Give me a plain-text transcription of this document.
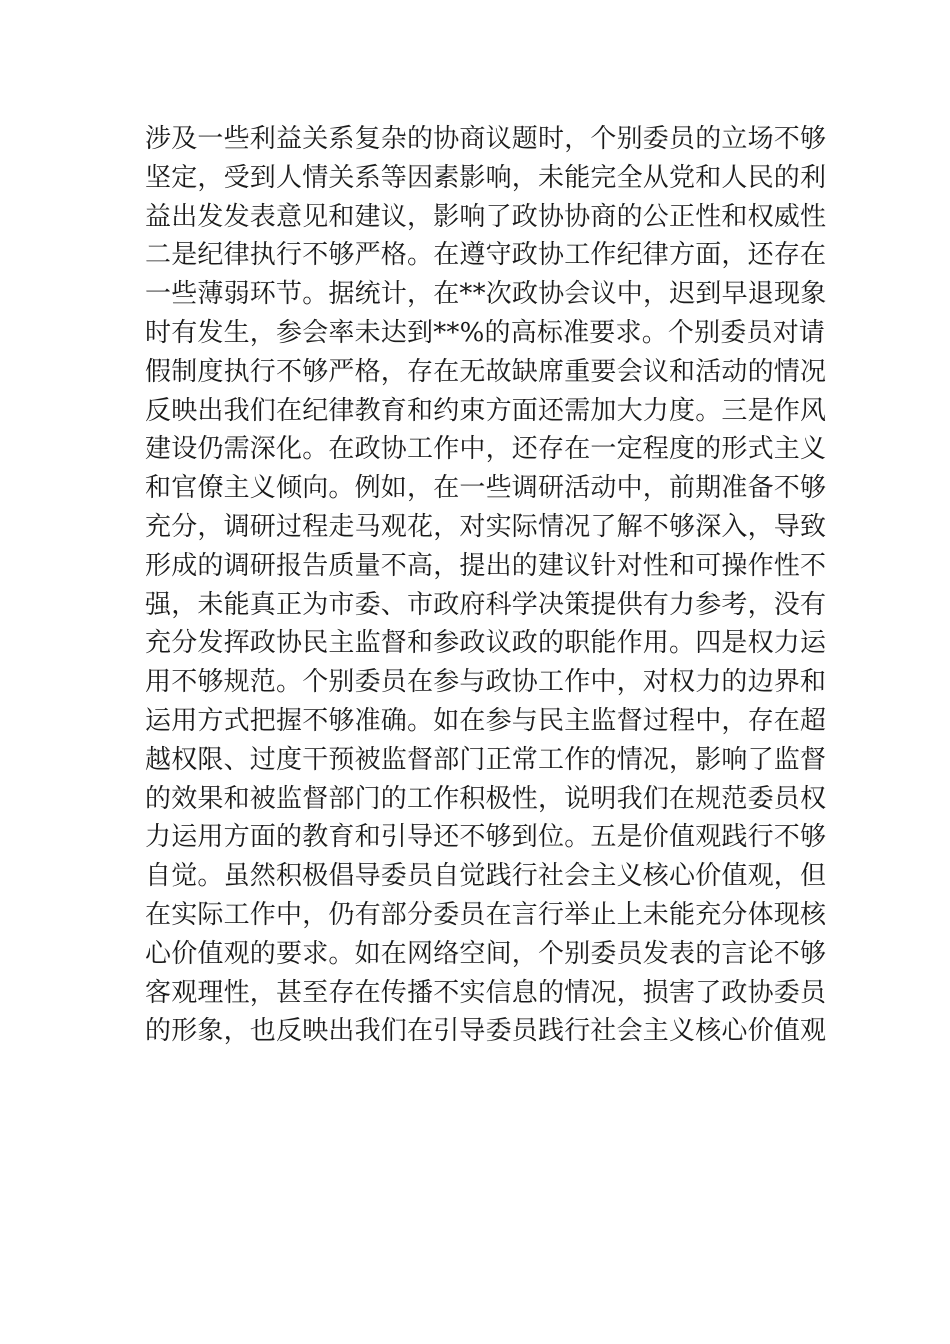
涉及一些利益关系复杂的协商议题时，个别委员的立场不够
坚定，受到人情关系等因素影响，未能完全从党和人民的利
益出发发表意见和建议，影响了政协协商的公正性和权威性
二是纪律执行不够严格。在遵守政协工作纪律方面，还存在
一些薄弱环节。据统计，在**次政协会议中，迟到早退现象
时有发生，参会率未达到**%的高标准要求。个别委员对请
假制度执行不够严格，存在无故缺席重要会议和活动的情况
反映出我们在纪律教育和约束方面还需加大力度。三是作风
建设仍需深化。在政协工作中，还存在一定程度的形式主义
和官僚主义倾向。例如，在一些调研活动中，前期准备不够
充分，调研过程走马观花，对实际情况了解不够深入，导致
形成的调研报告质量不高，提出的建议针对性和可操作性不
强，未能真正为市委、市政府科学决策提供有力参考，没有
充分发挥政协民主监督和参政议政的职能作用。四是权力运
用不够规范。个别委员在参与政协工作中，对权力的边界和
运用方式把握不够准确。如在参与民主监督过程中，存在超
越权限、过度干预被监督部门正常工作的情况，影响了监督
的效果和被监督部门的工作积极性，说明我们在规范委员权
力运用方面的教育和引导还不够到位。五是价值观践行不够
自觉。虽然积极倡导委员自觉践行社会主义核心价值观，但
在实际工作中，仍有部分委员在言行举止上未能充分体现核
心价值观的要求。如在网络空间，个别委员发表的言论不够
客观理性，甚至存在传播不实信息的情况，损害了政协委员
的形象，也反映出我们在引导委员践行社会主义核心价值观
